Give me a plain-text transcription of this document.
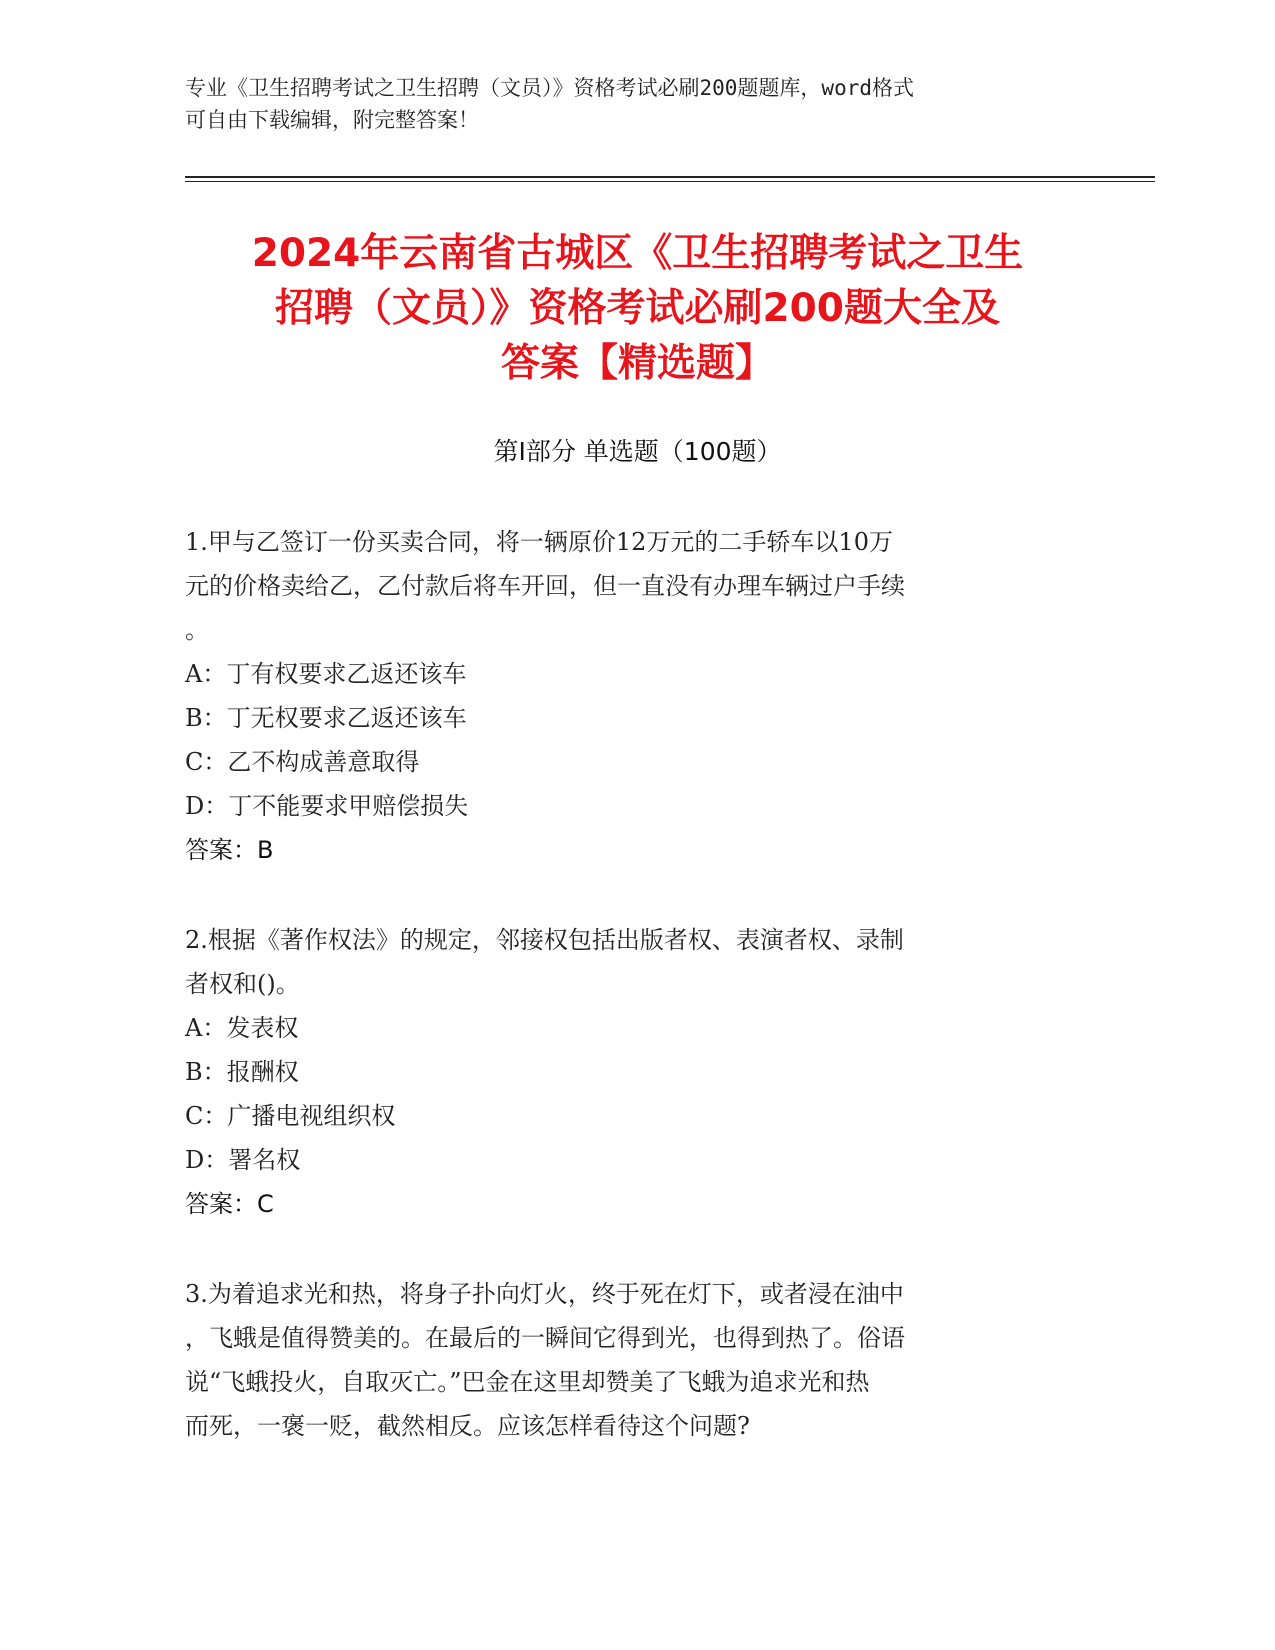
专业《卫生招聘考试之卫生招聘（文员）》资格考试必刷200题题库，word格式
可自由下载编辑，附完整答案！
2024年云南省古城区《卫生招聘考试之卫生
招聘（文员）》资格考试必刷200题大全及
答案【精选题】
第Ⅰ部分 单选题（100题）
1.甲与乙签订一份买卖合同，将一辆原价12万元的二手轿车以10万
元的价格卖给乙，乙付款后将车开回，但一直没有办理车辆过户手续
。
A：丁有权要求乙返还该车
B：丁无权要求乙返还该车
C：乙不构成善意取得
D：丁不能要求甲赔偿损失
答案：B
2.根据《著作权法》的规定，邻接权包括出版者权、表演者权、录制
者权和()。
A：发表权
B：报酬权
C：广播电视组织权
D：署名权
答案：C
3.为着追求光和热，将身子扑向灯火，终于死在灯下，或者浸在油中
，飞蛾是值得赞美的。在最后的一瞬间它得到光，也得到热了。俗语
说“飞蛾投火，自取灭亡。”巴金在这里却赞美了飞蛾为追求光和热
而死，一褒一贬，截然相反。应该怎样看待这个问题?
